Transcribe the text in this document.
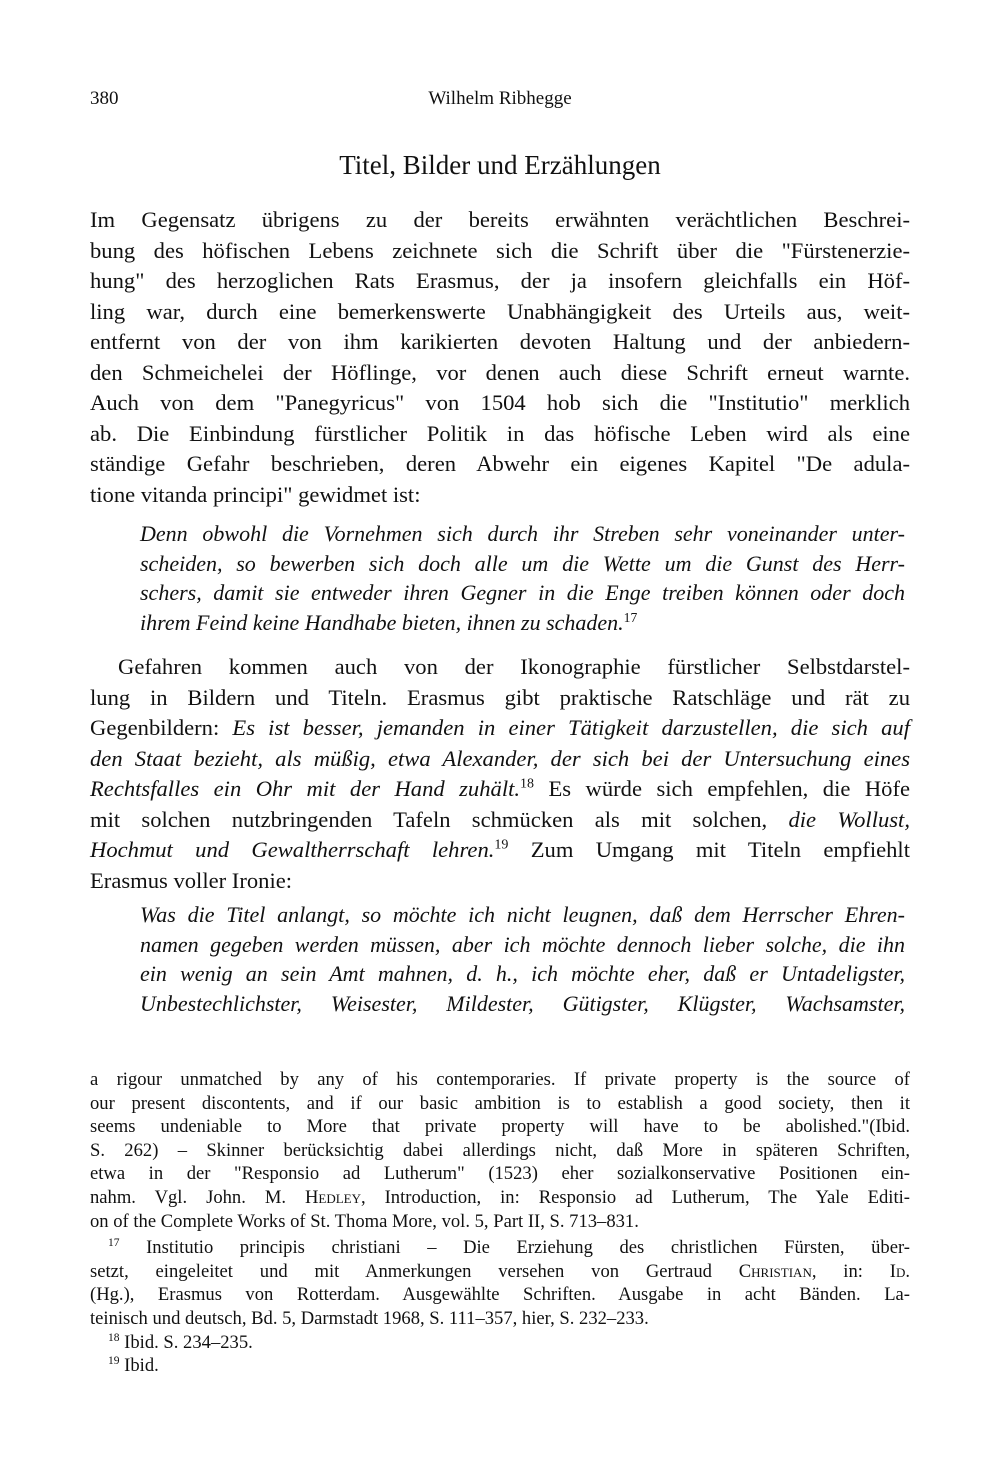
380	Wilhelm Ribhegge
Titel, Bilder und Erzählungen
Im Gegensatz übrigens zu der bereits erwähnten verächtlichen Beschrei-
bung des höfischen Lebens zeichnete sich die Schrift über die "Fürstenerzie-
hung" des herzoglichen Rats Erasmus, der ja insofern gleichfalls ein Höf-
ling war, durch eine bemerkenswerte Unabhängigkeit des Urteils aus, weit-
entfernt von der von ihm karikierten devoten Haltung und der anbiedern-
den Schmeichelei der Höflinge, vor denen auch diese Schrift erneut warnte.
Auch von dem "Panegyricus" von 1504 hob sich die "Institutio" merklich
ab. Die Einbindung fürstlicher Politik in das höfische Leben wird als eine
ständige Gefahr beschrieben, deren Abwehr ein eigenes Kapitel "De adula-
tione vitanda principi" gewidmet ist:
Denn obwohl die Vornehmen sich durch ihr Streben sehr voneinander unter-
scheiden, so bewerben sich doch alle um die Wette um die Gunst des Herr-
schers, damit sie entweder ihren Gegner in die Enge treiben können oder doch
ihrem Feind keine Handhabe bieten, ihnen zu schaden.$^{17}$
Gefahren kommen auch von der Ikonographie fürstlicher Selbstdarstel-
lung in Bildern und Titeln. Erasmus gibt praktische Ratschläge und rät zu
Gegenbildern: Es ist besser, jemanden in einer Tätigkeit darzustellen, die sich auf
den Staat bezieht, als müßig, etwa Alexander, der sich bei der Untersuchung eines
Rechtsfalles ein Ohr mit der Hand zuhält.$^{18}$ Es würde sich empfehlen, die Höfe
mit solchen nutzbringenden Tafeln schmücken als mit solchen, die Wollust,
Hochmut und Gewaltherrschaft lehren.$^{19}$ Zum Umgang mit Titeln empfiehlt
Erasmus voller Ironie:
Was die Titel anlangt, so möchte ich nicht leugnen, daß dem Herrscher Ehren-
namen gegeben werden müssen, aber ich möchte dennoch lieber solche, die ihn
ein wenig an sein Amt mahnen, d. h., ich möchte eher, daß er Untadeligster,
Unbestechlichster, Weisester, Mildester, Gütigster, Klügster, Wachsamster,
a rigour unmatched by any of his contemporaries. If private property is the source of
our present discontents, and if our basic ambition is to establish a good society, then it
seems undeniable to More that private property will have to be abolished."(Ibid.
S. 262) – Skinner berücksichtig dabei allerdings nicht, daß More in späteren Schriften,
etwa in der "Responsio ad Lutherum" (1523) eher sozialkonservative Positionen ein-
nahm. Vgl. John. M. Hedley, Introduction, in: Responsio ad Lutherum, The Yale Editi-
on of the Complete Works of St. Thoma More, vol. 5, Part II, S. 713–831.
$^{17}$ Institutio principis christiani – Die Erziehung des christlichen Fürsten, über-
setzt, eingeleitet und mit Anmerkungen versehen von Gertraud Christian, in: Id.
(Hg.), Erasmus von Rotterdam. Ausgewählte Schriften. Ausgabe in acht Bänden. La-
teinisch und deutsch, Bd. 5, Darmstadt 1968, S. 111–357, hier, S. 232–233.
$^{18}$ Ibid. S. 234–235.
$^{19}$ Ibid.
